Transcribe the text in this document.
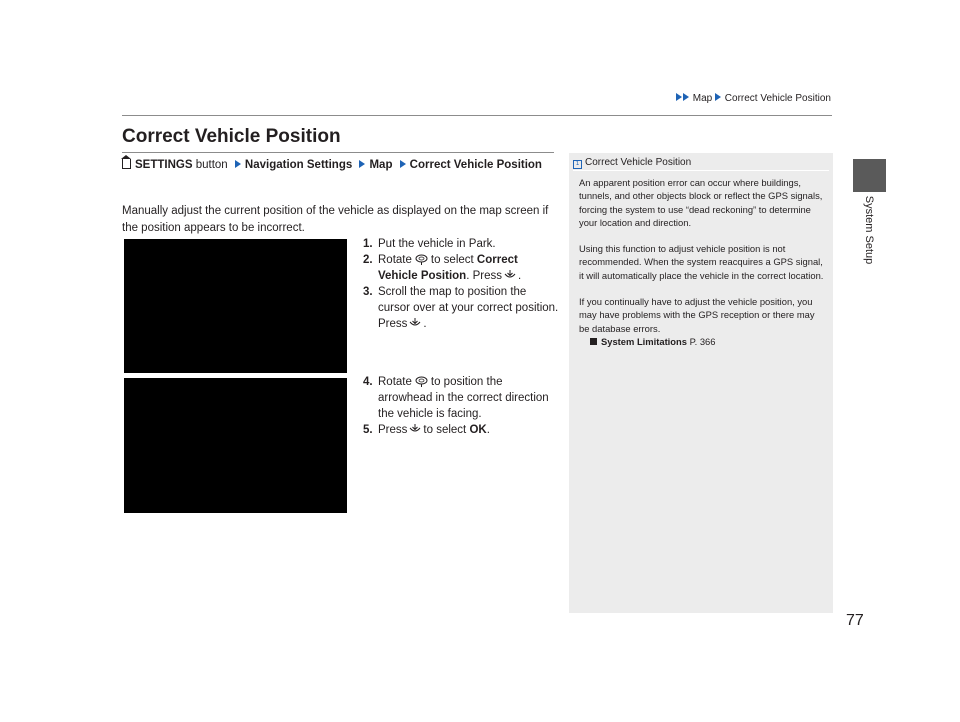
Map Correct Vehicle Position
System Setup
Correct Vehicle Position
SETTINGS button Navigation Settings Map Correct Vehicle Position
Manually adjust the current position of the vehicle as displayed on the map screen if the position appears to be incorrect.
1. Put the vehicle in Park.
2. Rotate to select Correct Vehicle Position. Press .
3. Scroll the map to position the cursor over at your correct position. Press .
4. Rotate to position the arrowhead in the correct direction the vehicle is facing.
5. Press to select OK.
1 Correct Vehicle Position

An apparent position error can occur where buildings, tunnels, and other objects block or reflect the GPS signals, forcing the system to use “dead reckoning” to determine your location and direction.

Using this function to adjust vehicle position is not recommended. When the system reacquires a GPS signal, it will automatically place the vehicle in the correct location.

If you continually have to adjust the vehicle position, you may have problems with the GPS reception or there may be database errors.

System Limitations P. 366
77
